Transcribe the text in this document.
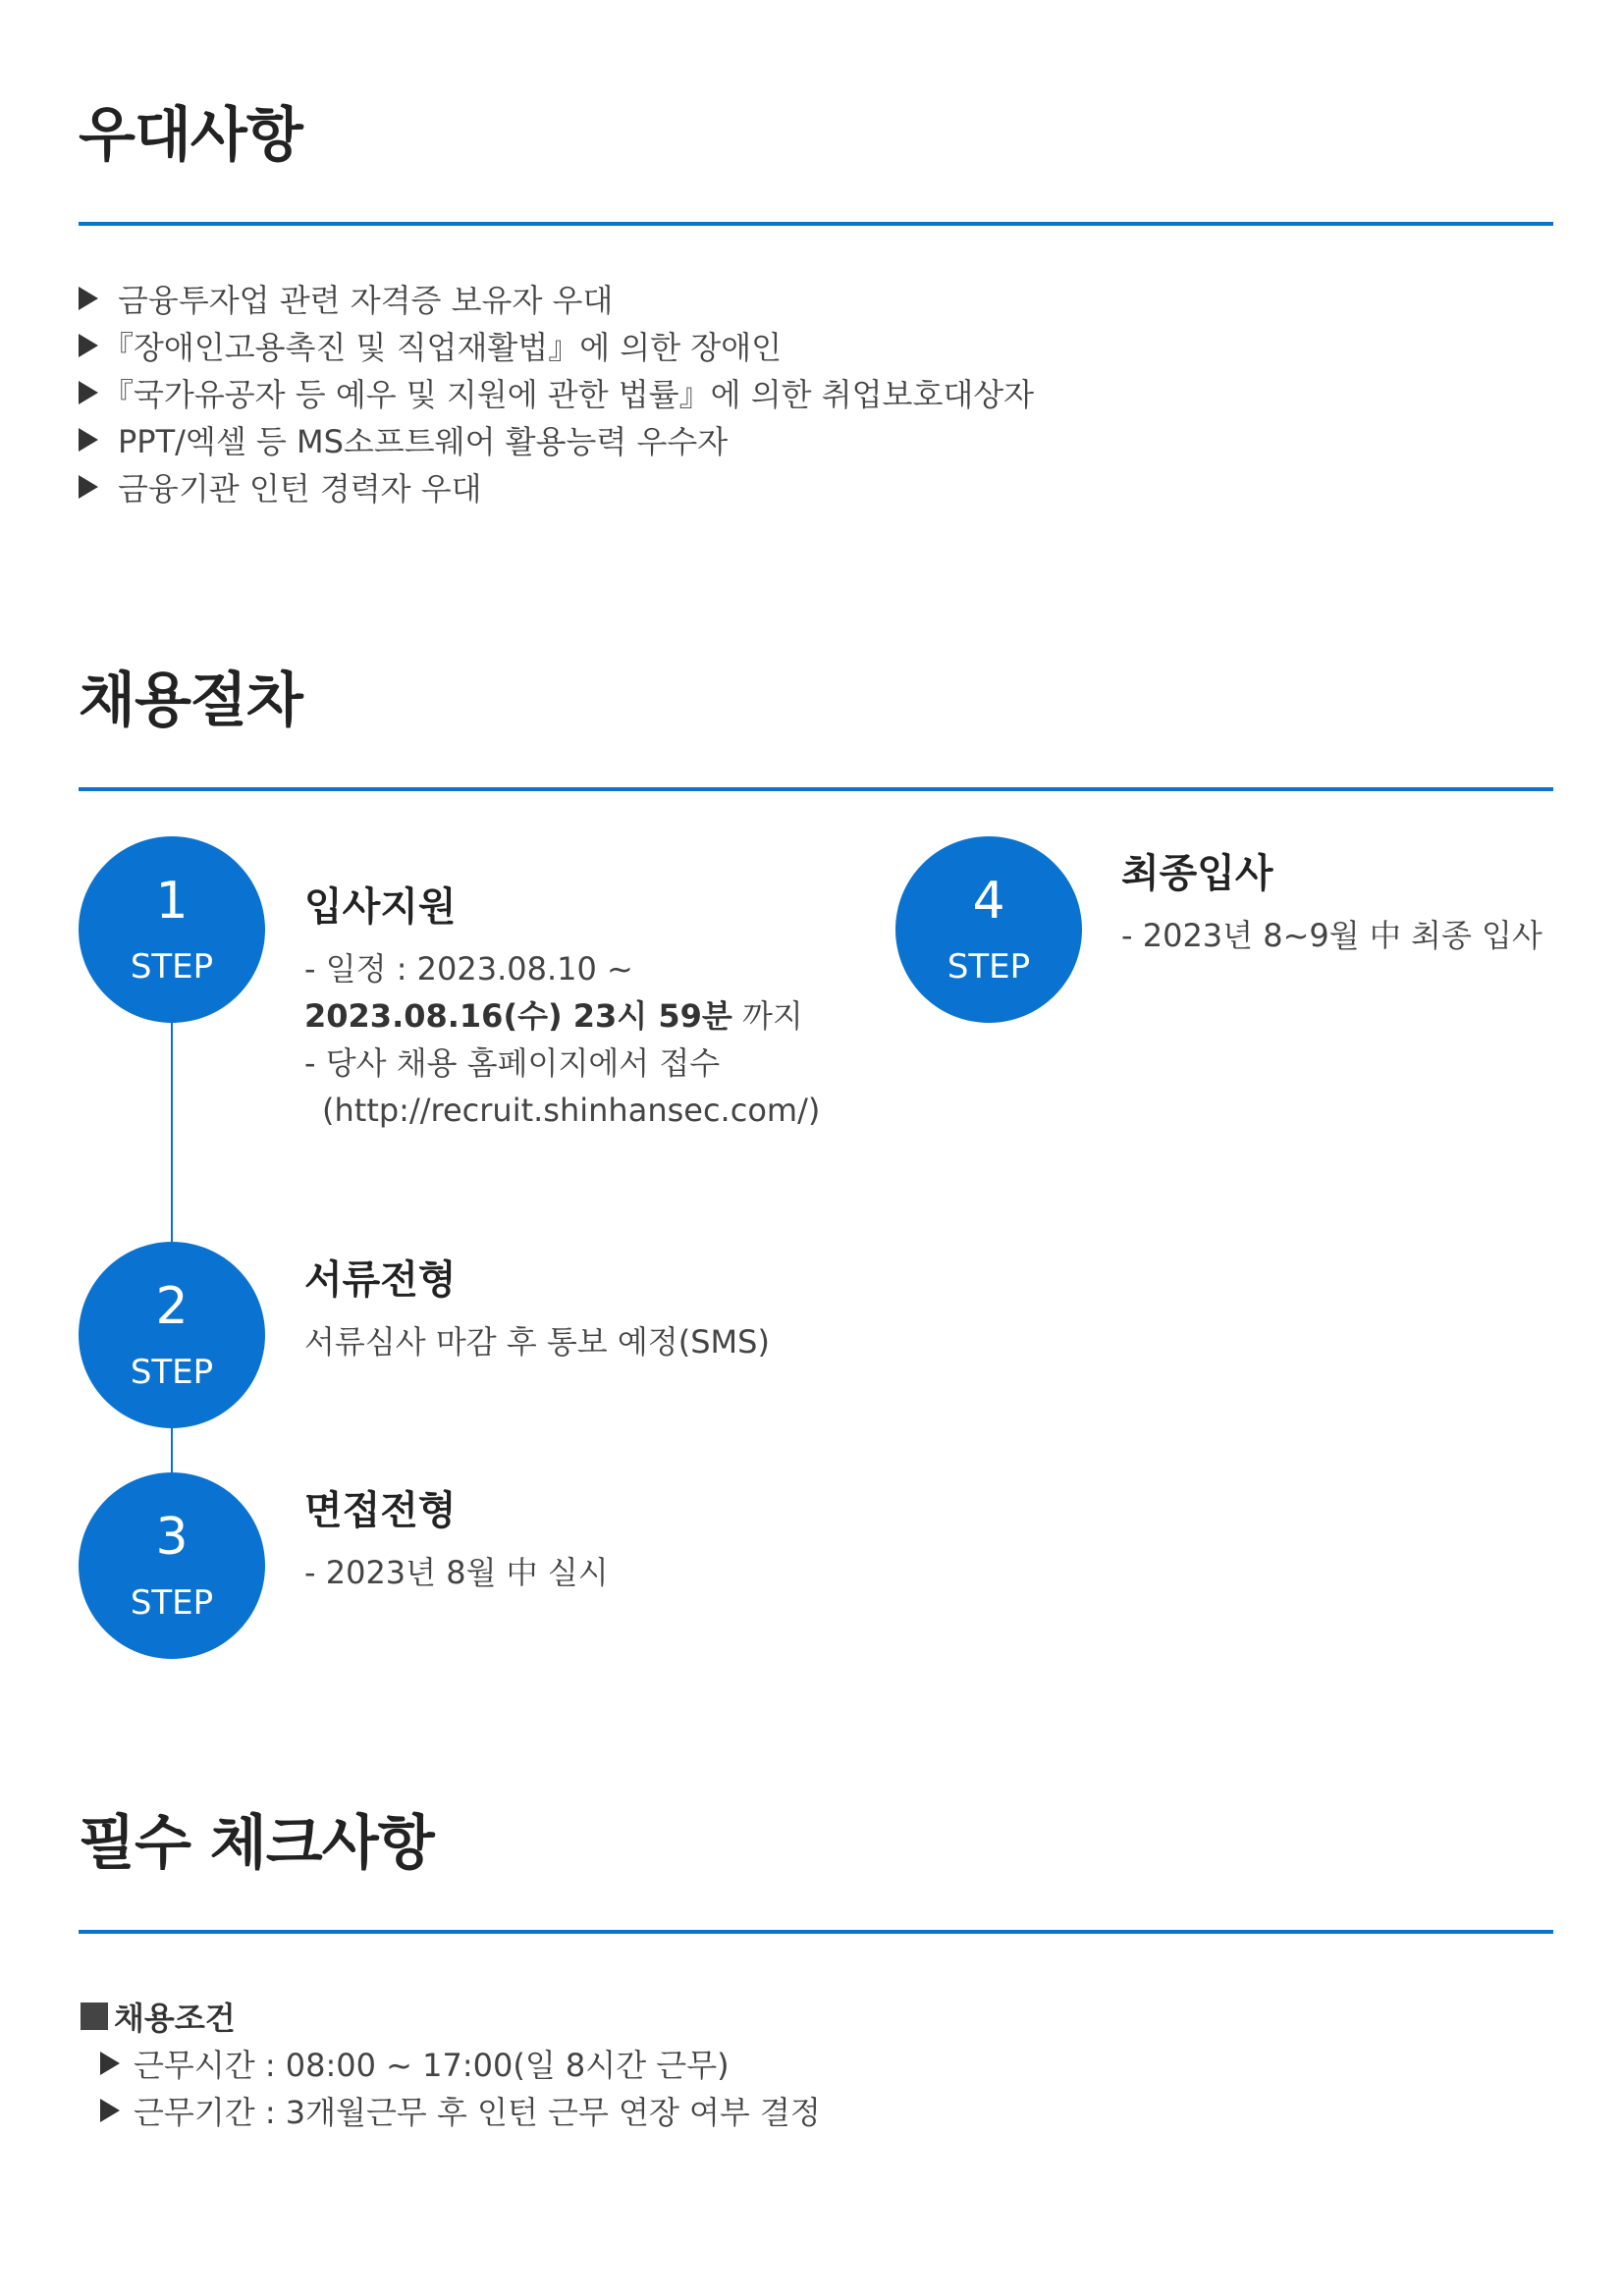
우대사항
금융투자업 관련 자격증 보유자 우대
『장애인고용촉진 및 직업재활법』에 의한 장애인
『국가유공자 등 예우 및 지원에 관한 법률』에 의한 취업보호대상자
PPT/엑셀 등 MS소프트웨어 활용능력 우수자
금융기관 인턴 경력자 우대
채용절차
1
STEP
입사지원
- 일정 : 2023.08.10 ~
2023.08.16(수) 23시 59분 까지
- 당사 채용 홈페이지에서 접수
(http://recruit.shinhansec.com/)
2
STEP
서류전형
서류심사 마감 후 통보 예정(SMS)
3
STEP
면접전형
- 2023년 8월 中 실시
4
STEP
최종입사
- 2023년 8~9월 中 최종 입사
필수 체크사항
채용조건
근무시간 : 08:00 ~ 17:00(일 8시간 근무)
근무기간 : 3개월근무 후 인턴 근무 연장 여부 결정
